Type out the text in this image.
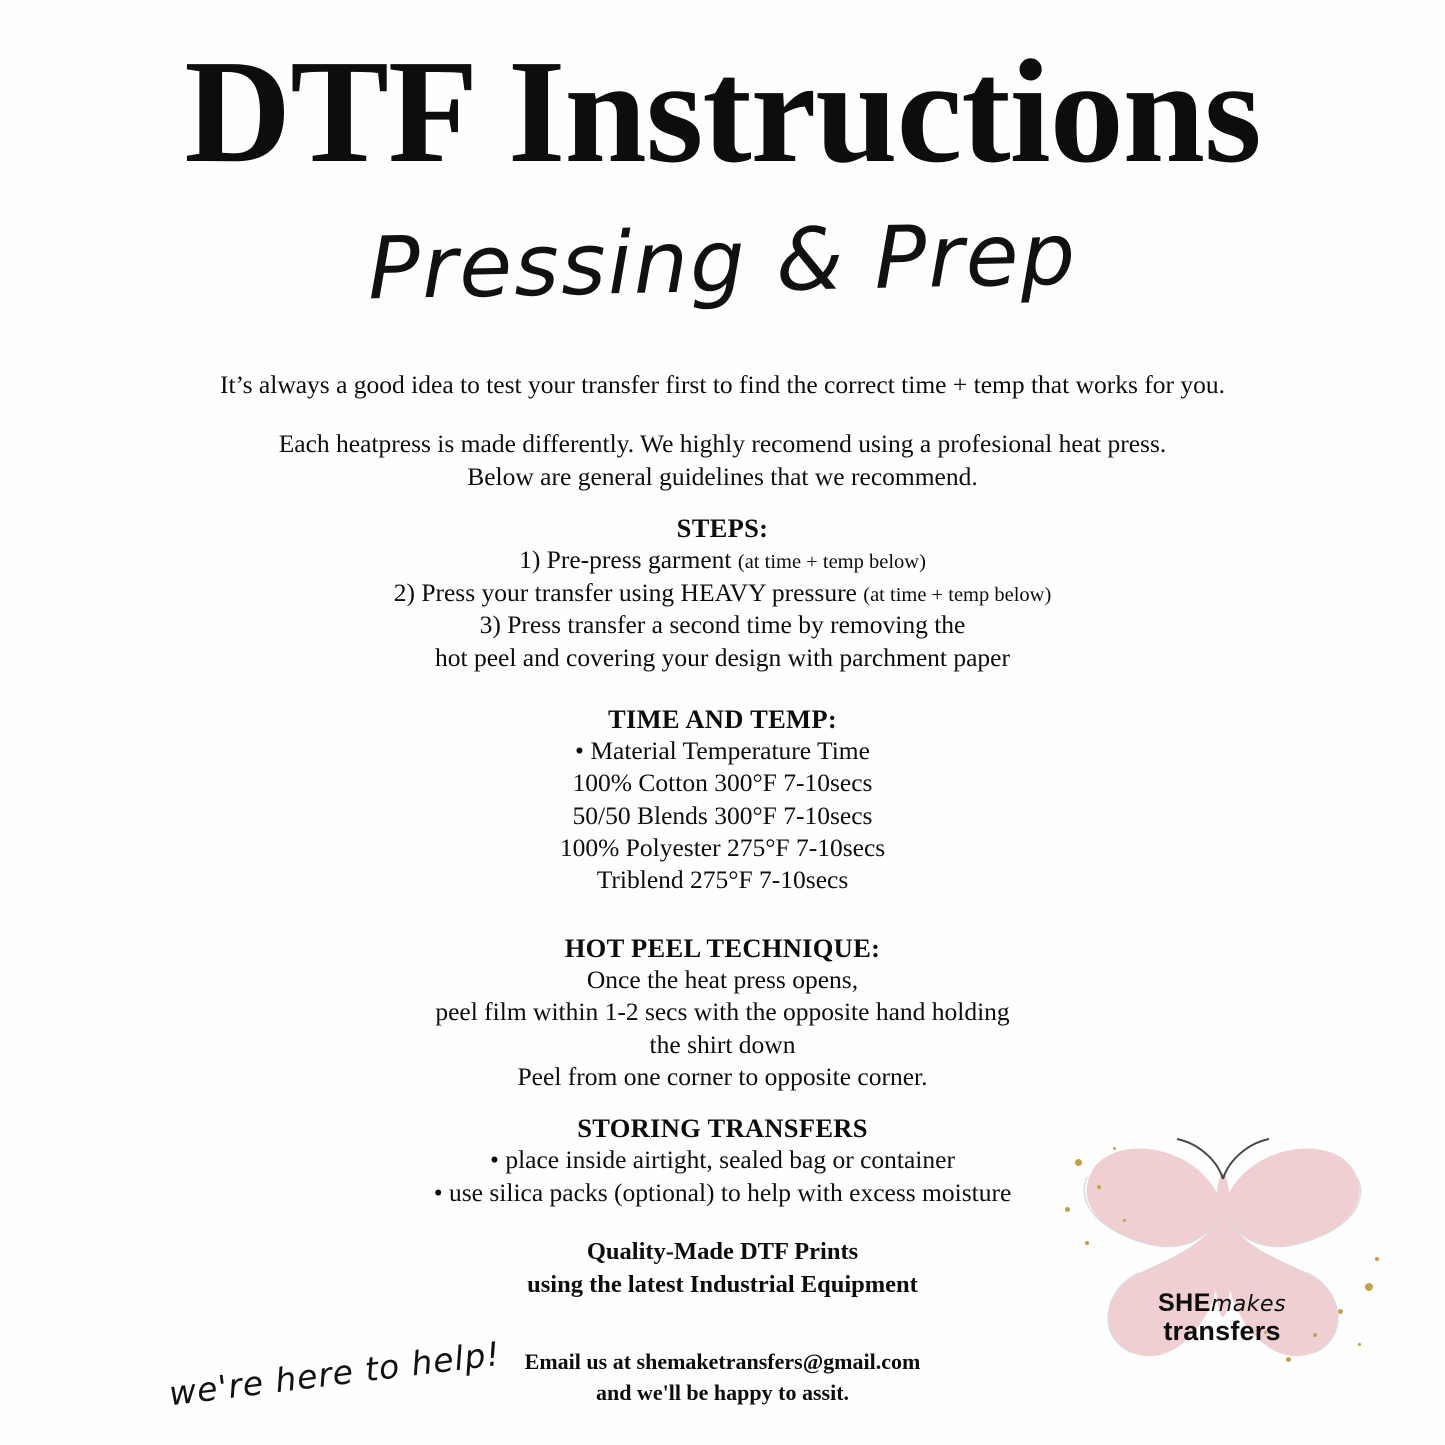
DTF Instructions
Pressing & Prep
It’s always a good idea to test your transfer first to find the correct time + temp that works for you.
Each heatpress is made differently. We highly recomend using a profesional heat press.
Below are general guidelines that we recommend.
STEPS:
1) Pre-press garment (at time + temp below)
2) Press your transfer using HEAVY pressure (at time + temp below)
3) Press transfer a second time by removing the
hot peel and covering your design with parchment paper
TIME AND TEMP:
• Material Temperature Time
100% Cotton 300°F 7-10secs
50/50 Blends 300°F 7-10secs
100% Polyester 275°F 7-10secs
Triblend 275°F 7-10secs
HOT PEEL TECHNIQUE:
Once the heat press opens,
peel film within 1-2 secs with the opposite hand holding
the shirt down
Peel from one corner to opposite corner.
STORING TRANSFERS
• place inside airtight, sealed bag or container
• use silica packs (optional) to help with excess moisture
Quality-Made DTF Prints
using the latest Industrial Equipment
Email us at shemaketransfers@gmail.com
and we'll be happy to assit.
we're here to help!
SHEmakes
transfers
